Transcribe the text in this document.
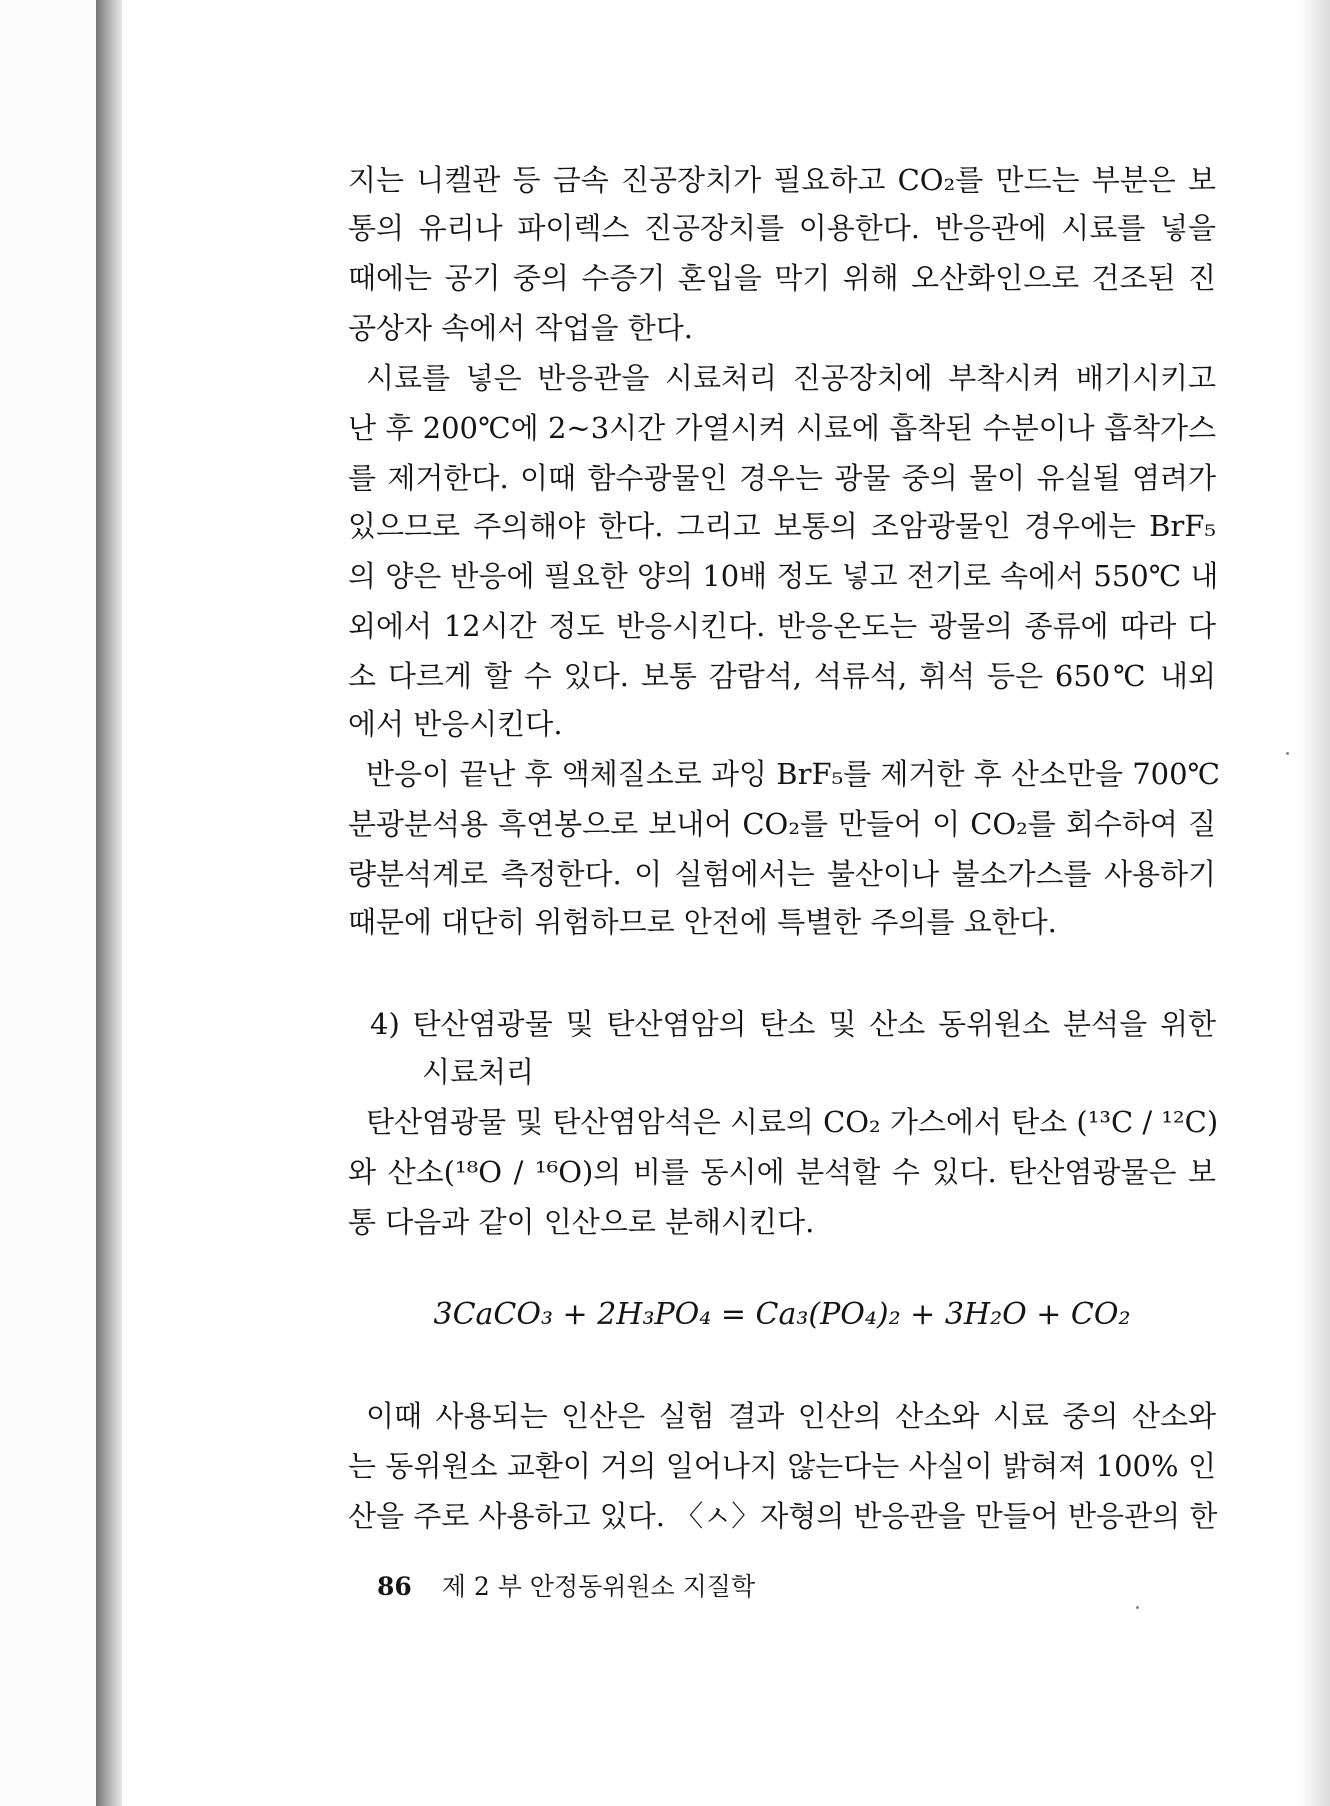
지는 니켈관 등 금속 진공장치가 필요하고 CO₂를 만드는 부분은 보
통의 유리나 파이렉스 진공장치를 이용한다. 반응관에 시료를 넣을
때에는 공기 중의 수증기 혼입을 막기 위해 오산화인으로 건조된 진
공상자 속에서 작업을 한다.
시료를 넣은 반응관을 시료처리 진공장치에 부착시켜 배기시키고
난 후 200℃에 2~3시간 가열시켜 시료에 흡착된 수분이나 흡착가스
를 제거한다. 이때 함수광물인 경우는 광물 중의 물이 유실될 염려가
있으므로 주의해야 한다. 그리고 보통의 조암광물인 경우에는 BrF₅
의 양은 반응에 필요한 양의 10배 정도 넣고 전기로 속에서 550℃ 내
외에서 12시간 정도 반응시킨다. 반응온도는 광물의 종류에 따라 다
소 다르게 할 수 있다. 보통 감람석, 석류석, 휘석 등은 650℃ 내외
에서 반응시킨다.
반응이 끝난 후 액체질소로 과잉 BrF₅를 제거한 후 산소만을 700℃
분광분석용 흑연봉으로 보내어 CO₂를 만들어 이 CO₂를 회수하여 질
량분석계로 측정한다. 이 실험에서는 불산이나 불소가스를 사용하기
때문에 대단히 위험하므로 안전에 특별한 주의를 요한다.
4) 탄산염광물 및 탄산염암의 탄소 및 산소 동위원소 분석을 위한
시료처리
탄산염광물 및 탄산염암석은 시료의 CO₂ 가스에서 탄소 (¹³C / ¹²C)
와 산소(¹⁸O / ¹⁶O)의 비를 동시에 분석할 수 있다. 탄산염광물은 보
통 다음과 같이 인산으로 분해시킨다.
이때 사용되는 인산은 실험 결과 인산의 산소와 시료 중의 산소와
는 동위원소 교환이 거의 일어나지 않는다는 사실이 밝혀져 100% 인
산을 주로 사용하고 있다. 〈ㅅ〉자형의 반응관을 만들어 반응관의 한
3CaCO₃ + 2H₃PO₄ = Ca₃(PO₄)₂ + 3H₂O + CO₂
86 제 2 부 안정동위원소 지질학
